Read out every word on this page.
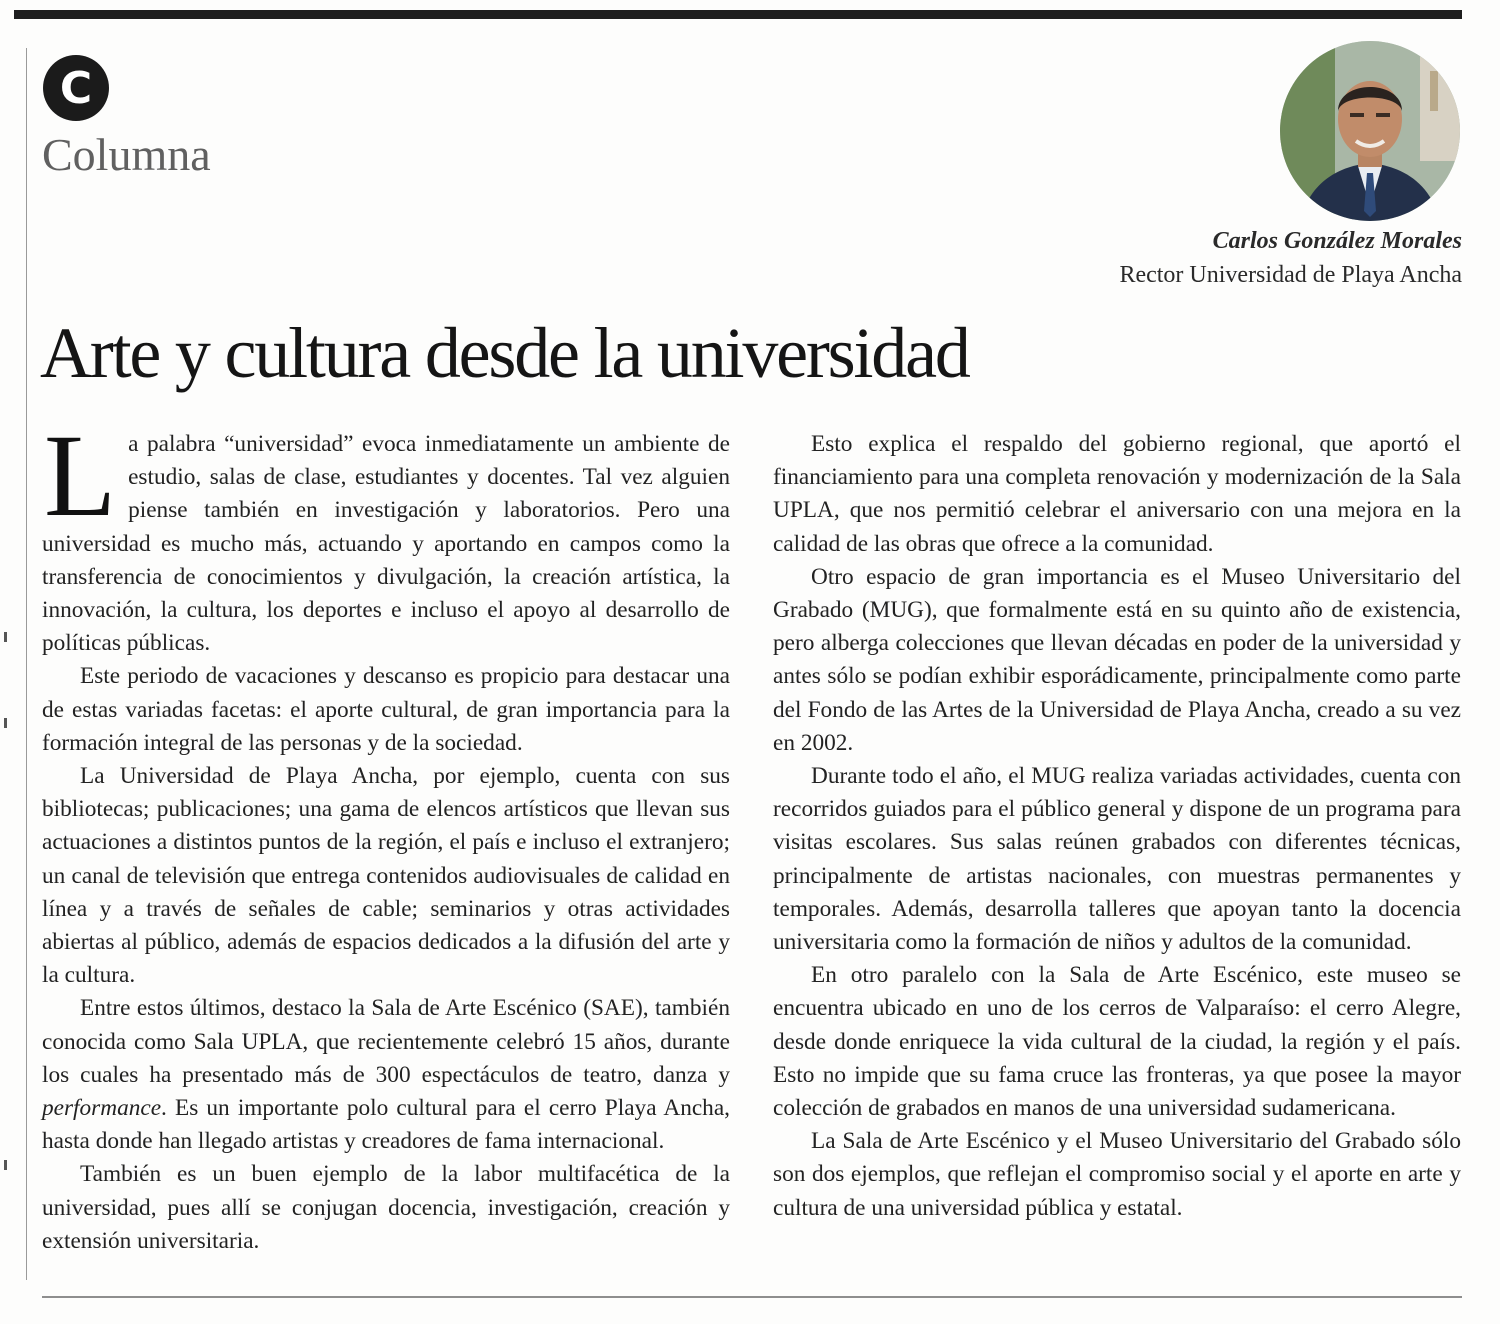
C
Columna

Carlos González Morales

Rector Universidad de Playa Ancha

Arte y cultura desde la universidad

La palabra “universidad” evoca inmediatamente un ambiente de estudio, salas de clase, estudiantes y docentes. Tal vez alguien piense también en investigación y laboratorios. Pero una universidad es mucho más, actuando y aportando en campos como la transferencia de conocimientos y divulgación, la creación artística, la innovación, la cultura, los deportes e incluso el apoyo al desarrollo de políticas públicas.

Este periodo de vacaciones y descanso es propicio para destacar una de estas variadas facetas: el aporte cultural, de gran importancia para la formación integral de las personas y de la sociedad.

La Universidad de Playa Ancha, por ejemplo, cuenta con sus bibliotecas; publicaciones; una gama de elencos artísticos que llevan sus actuaciones a distintos puntos de la región, el país e incluso el extranjero; un canal de televisión que entrega contenidos audiovisuales de calidad en línea y a través de señales de cable; seminarios y otras actividades abiertas al público, además de espacios dedicados a la difusión del arte y la cultura.

Entre estos últimos, destaco la Sala de Arte Escénico (SAE), también conocida como Sala UPLA, que recientemente celebró 15 años, durante los cuales ha presentado más de 300 espectáculos de teatro, danza y performance. Es un importante polo cultural para el cerro Playa Ancha, hasta donde han llegado artistas y creadores de fama internacional.

También es un buen ejemplo de la labor multifacética de la universidad, pues allí se conjugan docencia, investigación, creación y extensión universitaria.

Esto explica el respaldo del gobierno regional, que aportó el financiamiento para una completa renovación y modernización de la Sala UPLA, que nos permitió celebrar el aniversario con una mejora en la calidad de las obras que ofrece a la comunidad.

Otro espacio de gran importancia es el Museo Universitario del Grabado (MUG), que formalmente está en su quinto año de existencia, pero alberga colecciones que llevan décadas en poder de la universidad y antes sólo se podían exhibir esporádicamente, principalmente como parte del Fondo de las Artes de la Universidad de Playa Ancha, creado a su vez en 2002.

Durante todo el año, el MUG realiza variadas actividades, cuenta con recorridos guiados para el público general y dispone de un programa para visitas escolares. Sus salas reúnen grabados con diferentes técnicas, principalmente de artistas nacionales, con muestras permanentes y temporales. Además, desarrolla talleres que apoyan tanto la docencia universitaria como la formación de niños y adultos de la comunidad.

En otro paralelo con la Sala de Arte Escénico, este museo se encuentra ubicado en uno de los cerros de Valparaíso: el cerro Alegre, desde donde enriquece la vida cultural de la ciudad, la región y el país. Esto no impide que su fama cruce las fronteras, ya que posee la mayor colección de grabados en manos de una universidad sudamericana.

La Sala de Arte Escénico y el Museo Universitario del Grabado sólo son dos ejemplos, que reflejan el compromiso social y el aporte en arte y cultura de una universidad pública y estatal.
